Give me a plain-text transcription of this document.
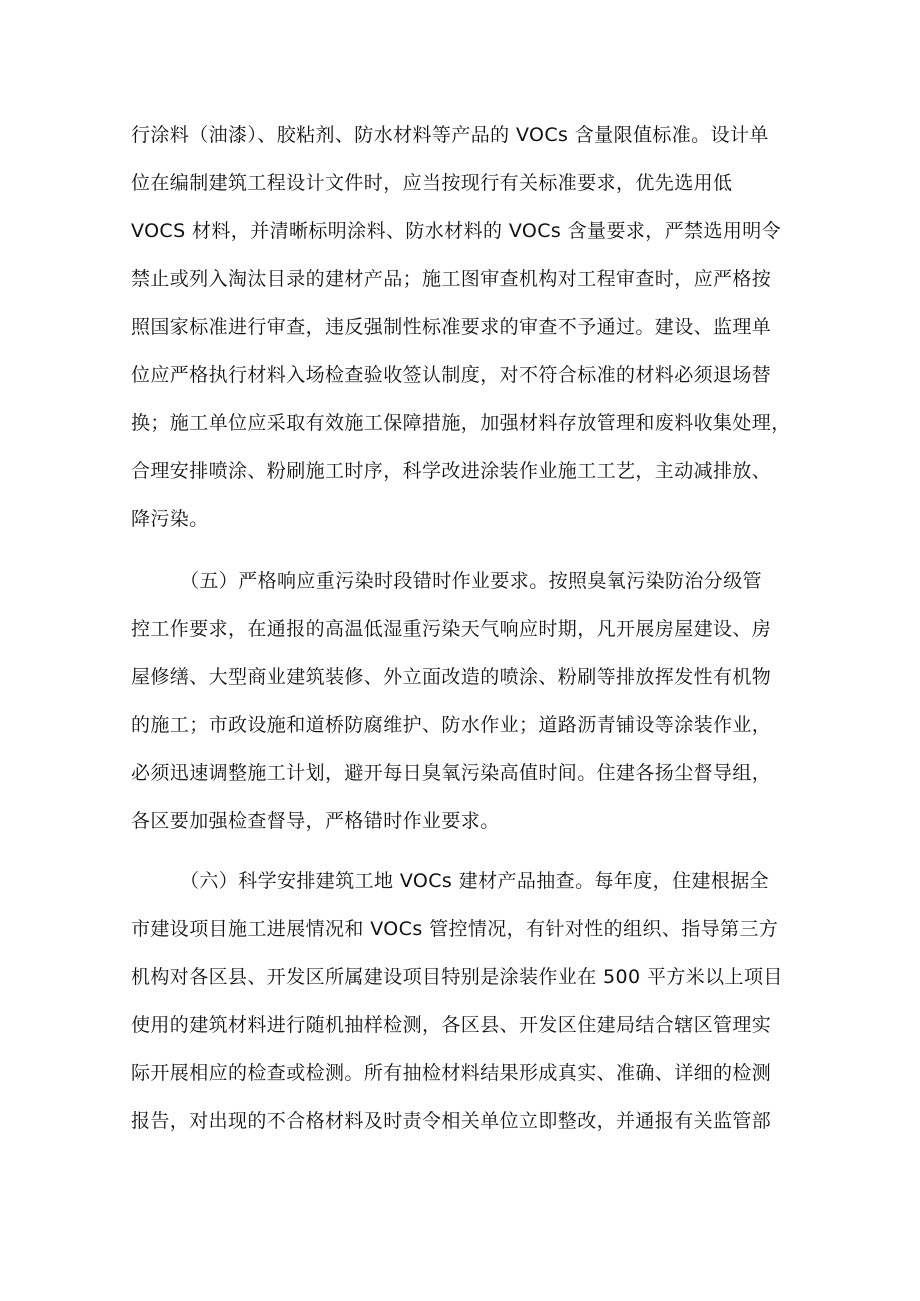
行涂料（油漆）、胶粘剂、防水材料等产品的 VOCs 含量限值标准。设计单
位在编制建筑工程设计文件时，应当按现行有关标准要求，优先选用低
VOCS 材料，并清晰标明涂料、防水材料的 VOCs 含量要求，严禁选用明令
禁止或列入淘汰目录的建材产品；施工图审查机构对工程审查时，应严格按
照国家标准进行审查，违反强制性标准要求的审查不予通过。建设、监理单
位应严格执行材料入场检查验收签认制度，对不符合标准的材料必须退场替
换；施工单位应采取有效施工保障措施，加强材料存放管理和废料收集处理，
合理安排喷涂、粉刷施工时序，科学改进涂装作业施工工艺，主动减排放、
降污染。
（五）严格响应重污染时段错时作业要求。按照臭氧污染防治分级管
控工作要求，在通报的高温低湿重污染天气响应时期，凡开展房屋建设、房
屋修缮、大型商业建筑装修、外立面改造的喷涂、粉刷等排放挥发性有机物
的施工；市政设施和道桥防腐维护、防水作业；道路沥青铺设等涂装作业，
必须迅速调整施工计划，避开每日臭氧污染高值时间。住建各扬尘督导组，
各区要加强检查督导，严格错时作业要求。
（六）科学安排建筑工地 VOCs 建材产品抽查。每年度，住建根据全
市建设项目施工进展情况和 VOCs 管控情况，有针对性的组织、指导第三方
机构对各区县、开发区所属建设项目特别是涂装作业在 500 平方米以上项目
使用的建筑材料进行随机抽样检测，各区县、开发区住建局结合辖区管理实
际开展相应的检查或检测。所有抽检材料结果形成真实、准确、详细的检测
报告，对出现的不合格材料及时责令相关单位立即整改，并通报有关监管部
